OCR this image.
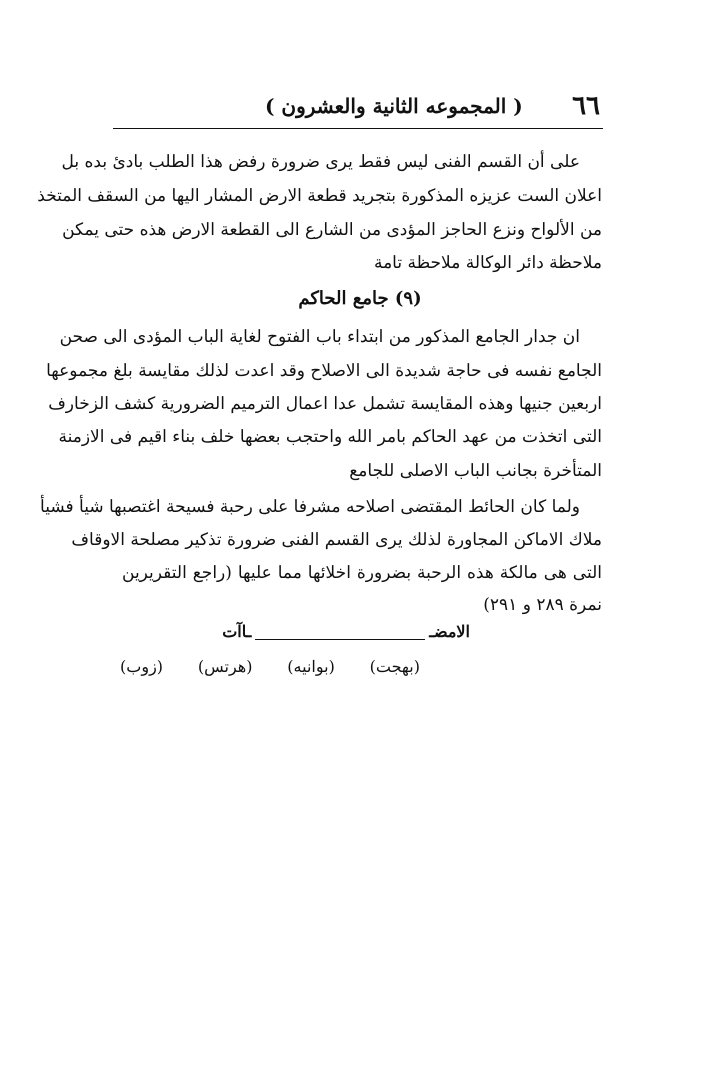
٦٦
( المجموعه الثانية والعشرون )
على أن القسم الفنى ليس فقط يرى ضرورة رفض هذا الطلب بادئ بده بل
اعلان الست عزيزه المذكورة بتجريد قطعة الارض المشار اليها من السقف المتخذ
من الألواح ونزع الحاجز المؤدى من الشارع الى القطعة الارض هذه حتى يمكن
ملاحظة دائر الوكالة ملاحظة تامة
(٩) جامع الحاكم
ان جدار الجامع المذكور من ابتداء باب الفتوح لغاية الباب المؤدى الى صحن
الجامع نفسه فى حاجة شديدة الى الاصلاح وقد اعدت لذلك مقايسة بلغ مجموعها
اربعين جنيها وهذه المقايسة تشمل عدا اعمال الترميم الضرورية كشف الزخارف
التى اتخذت من عهد الحاكم بامر الله واحتجب بعضها خلف بناء اقيم فى الازمنة
المتأخرة بجانب الباب الاصلى للجامع
ولما كان الحائط المقتضى اصلاحه مشرفا على رحبة فسيحة اغتصبها شيأ فشيأ
ملاك الاماكن المجاورة لذلك يرى القسم الفنى ضرورة تذكير مصلحة الاوقاف
التى هى مالكة هذه الرحبة بضرورة اخلائها مما عليها (راجع التقريرين
نمرة ٢٨٩ و ٢٩١)
الامضـ
ـاآت
(بهجت)
(بوانيه)
(هرتس)
(زوب)
